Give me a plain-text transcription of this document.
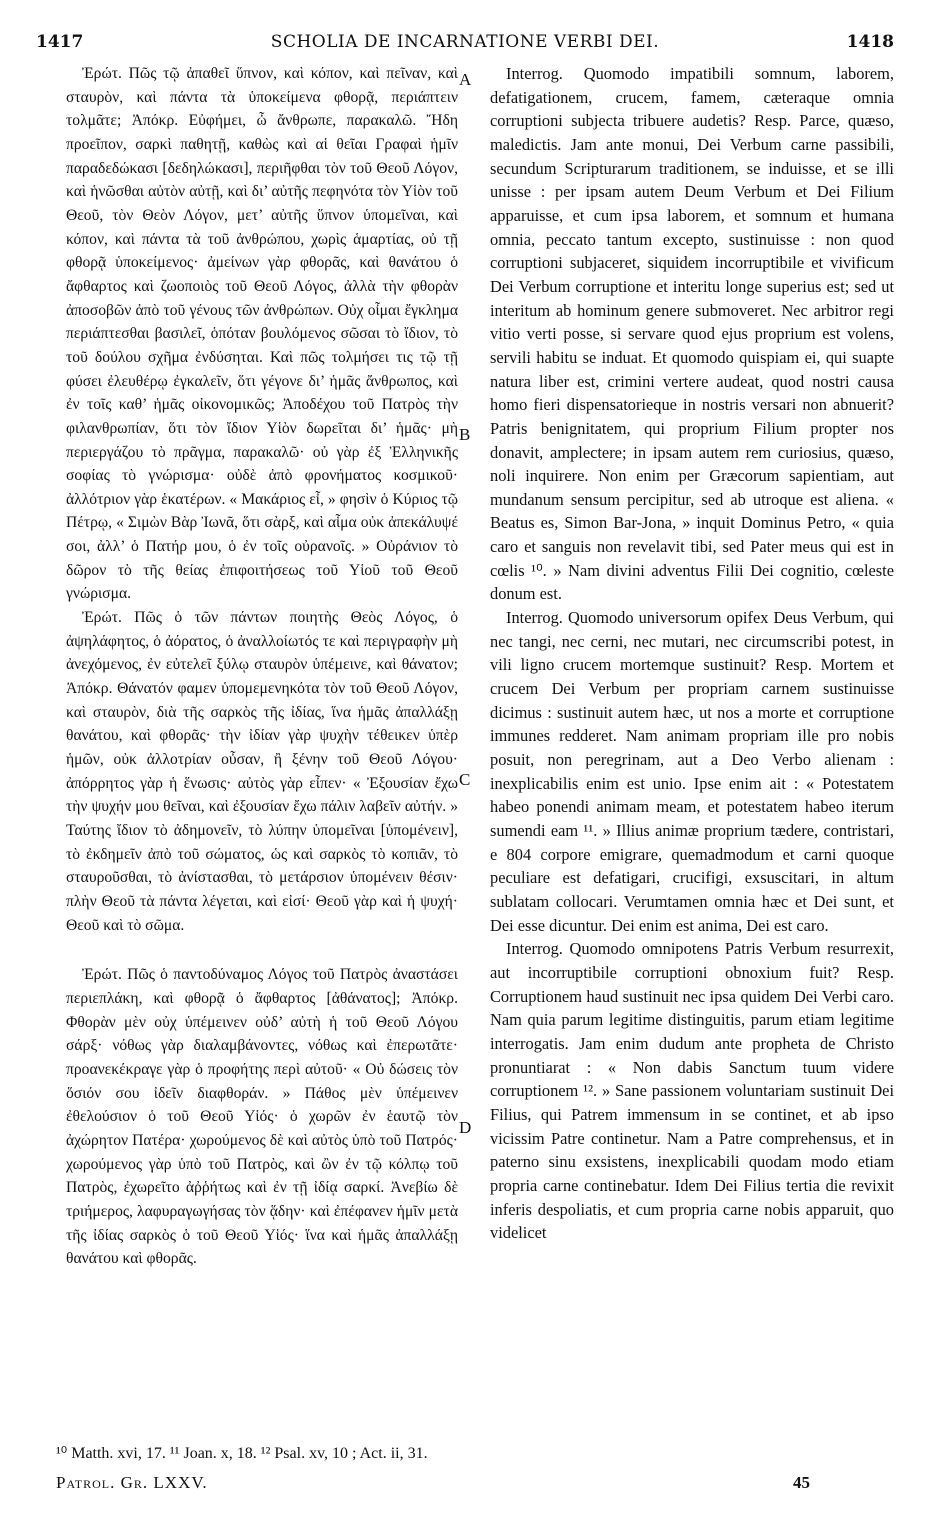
1417	SCHOLIA DE INCARNATIONE VERBI DEI.	1418

Ἐρώτ. Πῶς τῷ ἀπαθεῖ ὕπνον, καὶ κόπον, καὶ πεῖναν, καὶ σταυρὸν, καὶ πάντα τὰ ὑποκείμενα φθορᾷ, περιάπτειν τολμᾶτε; Ἀπόκρ. Εὐφήμει, ὦ ἄνθρωπε, παρακαλῶ. Ἤδη προεῖπον, σαρκὶ παθητῇ, καθὼς καὶ αἱ θεῖαι Γραφαὶ ἡμῖν παραδεδώκασι [δεδηλώκασι], περιῆφθαι τὸν τοῦ Θεοῦ Λόγον, καὶ ἡνῶσθαι αὐτὸν αὐτῇ, καὶ δι’ αὐτῆς πεφηνότα τὸν Υἱὸν τοῦ Θεοῦ, τὸν Θεὸν Λόγον, μετ’ αὐτῆς ὕπνον ὑπομεῖναι, καὶ κόπον, καὶ πάντα τὰ τοῦ ἀνθρώπου, χωρὶς ἁμαρτίας, οὐ τῇ φθορᾷ ὑποκείμενος· ἀμείνων γὰρ φθορᾶς, καὶ θανάτου ὁ ἄφθαρτος καὶ ζωοποιὸς τοῦ Θεοῦ Λόγος, ἀλλὰ τὴν φθορὰν ἀποσοβῶν ἀπὸ τοῦ γένους τῶν ἀνθρώπων. Οὐχ οἶμαι ἔγκλημα περιάπτεσθαι βασιλεῖ, ὁπόταν βουλόμενος σῶσαι τὸ ἴδιον, τὸ τοῦ δούλου σχῆμα ἐνδύσηται. Καὶ πῶς τολμήσει τις τῷ τῇ φύσει ἐλευθέρῳ ἐγκαλεῖν, ὅτι γέγονε δι’ ἡμᾶς ἄνθρωπος, καὶ ἐν τοῖς καθ’ ἡμᾶς οἰκονομικῶς; Ἀποδέχου τοῦ Πατρὸς τὴν φιλανθρωπίαν, ὅτι τὸν ἴδιον Υἱὸν δωρεῖται δι’ ἡμᾶς· μὴ περιεργάζου τὸ πρᾶγμα, παρακαλῶ· οὐ γὰρ ἐξ Ἑλληνικῆς σοφίας τὸ γνώρισμα· οὐδὲ ἀπὸ φρονήματος κοσμικοῦ· ἀλλότριον γὰρ ἑκατέρων. « Μακάριος εἶ, » φησὶν ὁ Κύριος τῷ Πέτρῳ, « Σιμὼν Βὰρ Ἰωνᾶ, ὅτι σὰρξ, καὶ αἷμα οὐκ ἀπεκάλυψέ σοι, ἀλλ’ ὁ Πατήρ μου, ὁ ἐν τοῖς οὐρανοῖς. » Οὐράνιον τὸ δῶρον τὸ τῆς θείας ἐπιφοιτήσεως τοῦ Υἱοῦ τοῦ Θεοῦ γνώρισμα.

Ἐρώτ. Πῶς ὁ τῶν πάντων ποιητὴς Θεὸς Λόγος, ὁ ἀψηλάφητος, ὁ ἀόρατος, ὁ ἀναλλοίωτός τε καὶ περιγραφὴν μὴ ἀνεχόμενος, ἐν εὐτελεῖ ξύλῳ σταυρὸν ὑπέμεινε, καὶ θάνατον; Ἀπόκρ. Θάνατόν φαμεν ὑπομεμενηκότα τὸν τοῦ Θεοῦ Λόγον, καὶ σταυρὸν, διὰ τῆς σαρκὸς τῆς ἰδίας, ἵνα ἡμᾶς ἀπαλλάξῃ θανάτου, καὶ φθορᾶς· τὴν ἰδίαν γὰρ ψυχὴν τέθεικεν ὑπὲρ ἡμῶν, οὐκ ἀλλοτρίαν οὖσαν, ἢ ξένην τοῦ Θεοῦ Λόγου· ἀπόρρητος γὰρ ἡ ἕνωσις· αὐτὸς γὰρ εἶπεν· « Ἐξουσίαν ἔχω τὴν ψυχήν μου θεῖναι, καὶ ἐξουσίαν ἔχω πάλιν λαβεῖν αὐτήν. » Ταύτης ἴδιον τὸ ἀδημονεῖν, τὸ λύπην ὑπομεῖναι [ὑπομένειν], τὸ ἐκδημεῖν ἀπὸ τοῦ σώματος, ὡς καὶ σαρκὸς τὸ κοπιᾶν, τὸ σταυροῦσθαι, τὸ ἀνίστασθαι, τὸ μετάρσιον ὑπομένειν θέσιν· πλὴν Θεοῦ τὰ πάντα λέγεται, καὶ εἰσί· Θεοῦ γὰρ καὶ ἡ ψυχή· Θεοῦ καὶ τὸ σῶμα.

Ἐρώτ. Πῶς ὁ παντοδύναμος Λόγος τοῦ Πατρὸς ἀναστάσει περιεπλάκη, καὶ φθορᾷ ὁ ἄφθαρτος [ἀθάνατος]; Ἀπόκρ. Φθορὰν μὲν οὐχ ὑπέμεινεν οὐδ’ αὐτὴ ἡ τοῦ Θεοῦ Λόγου σάρξ· νόθως γὰρ διαλαμβάνοντες, νόθως καὶ ἐπερωτᾶτε· προανεκέκραγε γὰρ ὁ προφήτης περὶ αὐτοῦ· « Οὐ δώσεις τὸν ὅσιόν σου ἰδεῖν διαφθοράν. » Πάθος μὲν ὑπέμεινεν ἐθελούσιον ὁ τοῦ Θεοῦ Υἱός· ὁ χωρῶν ἐν ἑαυτῷ τὸν ἀχώρητον Πατέρα· χωρούμενος δὲ καὶ αὐτὸς ὑπὸ τοῦ Πατρός· χωρούμενος γὰρ ὑπὸ τοῦ Πατρὸς, καὶ ὢν ἐν τῷ κόλπῳ τοῦ Πατρὸς, ἐχωρεῖτο ἀῤῥήτως καὶ ἐν τῇ ἰδίᾳ σαρκί. Ἀνεβίω δὲ τριήμερος, λαφυραγωγήσας τὸν ᾅδην· καὶ ἐπέφανεν ἡμῖν μετὰ τῆς ἰδίας σαρκὸς ὁ τοῦ Θεοῦ Υἱός· ἵνα καὶ ἡμᾶς ἀπαλλάξῃ θανάτου καὶ φθορᾶς.

A
B
C
D

Interrog. Quomodo impatibili somnum, laborem, defatigationem, crucem, famem, cæteraque omnia corruptioni subjecta tribuere audetis? Resp. Parce, quæso, maledictis. Jam ante monui, Dei Verbum carne passibili, secundum Scripturarum traditionem, se induisse, et se illi unisse : per ipsam autem Deum Verbum et Dei Filium apparuisse, et cum ipsa laborem, et somnum et humana omnia, peccato tantum excepto, sustinuisse : non quod corruptioni subjaceret, siquidem incorruptibile et vivificum Dei Verbum corruptione et interitu longe superius est; sed ut interitum ab hominum genere submoveret. Nec arbitror regi vitio verti posse, si servare quod ejus proprium est volens, servili habitu se induat. Et quomodo quispiam ei, qui suapte natura liber est, crimini vertere audeat, quod nostri causa homo fieri dispensatorieque in nostris versari non abnuerit? Patris benignitatem, qui proprium Filium propter nos donavit, amplectere; in ipsam autem rem curiosius, quæso, noli inquirere. Non enim per Græcorum sapientiam, aut mundanum sensum percipitur, sed ab utroque est aliena. « Beatus es, Simon Bar-Jona, » inquit Dominus Petro, « quia caro et sanguis non revelavit tibi, sed Pater meus qui est in cœlis ¹⁰. » Nam divini adventus Filii Dei cognitio, cœleste donum est.

Interrog. Quomodo universorum opifex Deus Verbum, qui nec tangi, nec cerni, nec mutari, nec circumscribi potest, in vili ligno crucem mortemque sustinuit? Resp. Mortem et crucem Dei Verbum per propriam carnem sustinuisse dicimus : sustinuit autem hæc, ut nos a morte et corruptione immunes redderet. Nam animam propriam ille pro nobis posuit, non peregrinam, aut a Deo Verbo alienam : inexplicabilis enim est unio. Ipse enim ait : « Potestatem habeo ponendi animam meam, et potestatem habeo iterum sumendi eam ¹¹. » Illius animæ proprium tædere, contristari, e 804 corpore emigrare, quemadmodum et carni quoque peculiare est defatigari, crucifigi, exsuscitari, in altum sublatam collocari. Verumtamen omnia hæc et Dei sunt, et Dei esse dicuntur. Dei enim est anima, Dei est caro.

Interrog. Quomodo omnipotens Patris Verbum resurrexit, aut incorruptibile corruptioni obnoxium fuit? Resp. Corruptionem haud sustinuit nec ipsa quidem Dei Verbi caro. Nam quia parum legitime distinguitis, parum etiam legitime interrogatis. Jam enim dudum ante propheta de Christo pronuntiarat : « Non dabis Sanctum tuum videre corruptionem ¹². » Sane passionem voluntariam sustinuit Dei Filius, qui Patrem immensum in se continet, et ab ipso vicissim Patre continetur. Nam a Patre comprehensus, et in paterno sinu exsistens, inexplicabili quodam modo etiam propria carne continebatur. Idem Dei Filius tertia die revixit inferis despoliatis, et cum propria carne nobis apparuit, quo videlicet

¹⁰ Matth. xvi, 17. ¹¹ Joan. x, 18. ¹² Psal. xv, 10 ; Act. ii, 31.
Patrol. Gr. LXXV.	45
